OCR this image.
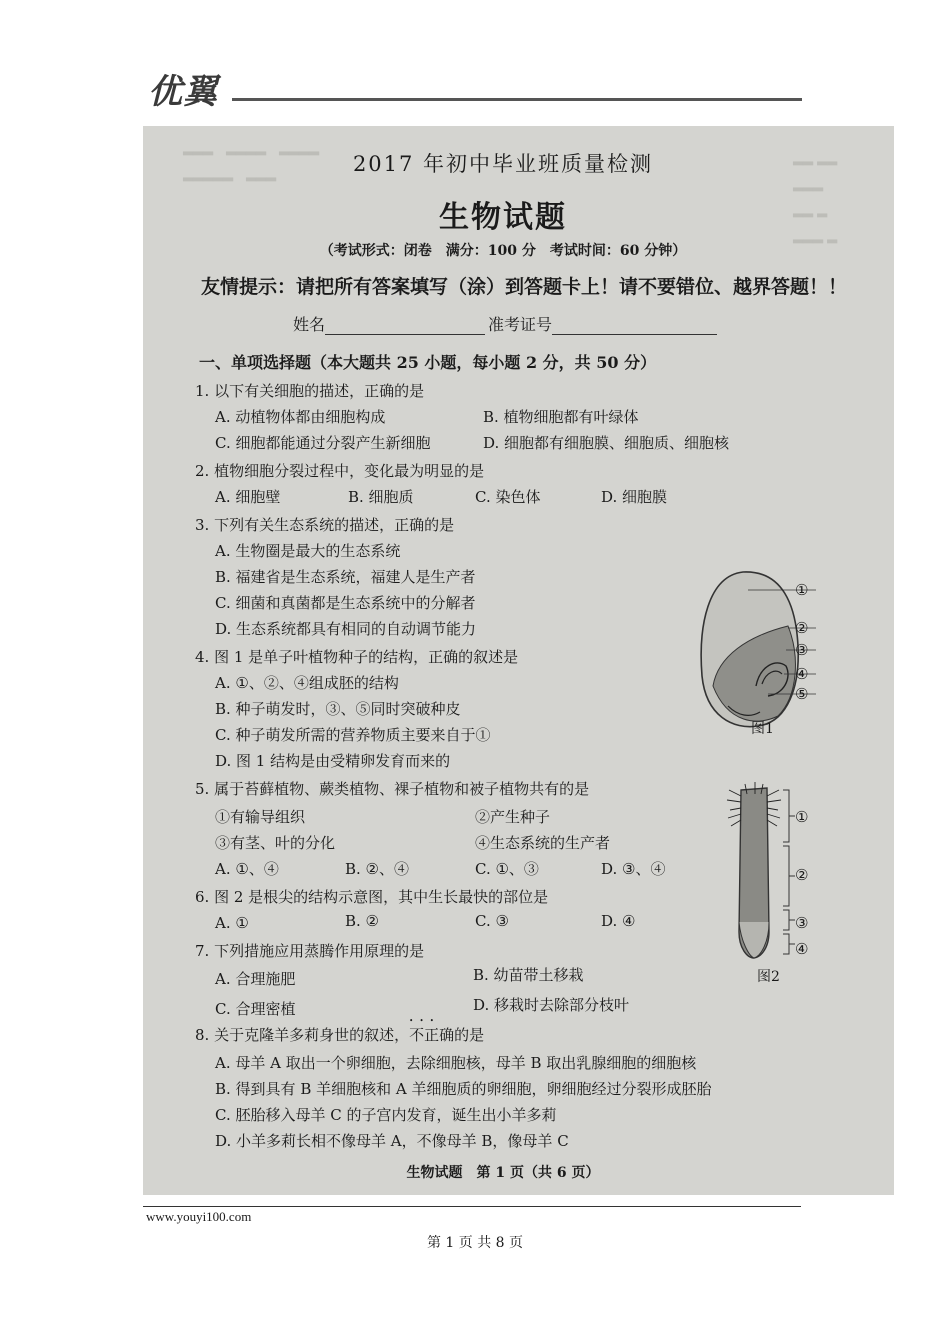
优翼
▂▂ ▂▂
▂▂▂
▂▂ ▂
▂▂▂ ▂
▂▂▂　▂▂▂▂　▂▂▂▂
▂▂▂▂▂　▂▂▂	2017 年初中毕业班质量检测
生物试题
（考试形式：闭卷　满分：100 分　考试时间：60 分钟）
友情提示：请把所有答案填写（涂）到答题卡上！请不要错位、越界答题！！
姓名	准考证号
一、单项选择题（本大题共 25 小题，每小题 2 分，共 50 分）
1. 以下有关细胞的描述，正确的是
A. 动植物体都由细胞构成	B. 植物细胞都有叶绿体
C. 细胞都能通过分裂产生新细胞	D. 细胞都有细胞膜、细胞质、细胞核
2. 植物细胞分裂过程中，变化最为明显的是
A. 细胞壁	B. 细胞质	C. 染色体	D. 细胞膜
3. 下列有关生态系统的描述，正确的是
A. 生物圈是最大的生态系统
B. 福建省是生态系统，福建人是生产者
C. 细菌和真菌都是生态系统中的分解者
D. 生态系统都具有相同的自动调节能力
4. 图 1 是单子叶植物种子的结构，正确的叙述是
A. ①、②、④组成胚的结构
B. 种子萌发时，③、⑤同时突破种皮
C. 种子萌发所需的营养物质主要来自于①
D. 图 1 结构是由受精卵发育而来的
①
②
③
④
⑤
图1
5. 属于苔藓植物、蕨类植物、裸子植物和被子植物共有的是
①有输导组织	②产生种子
③有茎、叶的分化	④生态系统的生产者
A. ①、④	B. ②、④	C. ①、③	D. ③、④
①
②
③
④
图2
6. 图 2 是根尖的结构示意图，其中生长最快的部位是
A. ①	B. ②	C. ③	D. ④
7. 下列措施应用蒸腾作用原理的是
A. 合理施肥	B. 幼苗带土移栽
C. 合理密植	D. 移栽时去除部分枝叶
8. 关于克隆羊多莉身世的叙述，不正确 • • •的是
A. 母羊 A 取出一个卵细胞，去除细胞核，母羊 B 取出乳腺细胞的细胞核
B. 得到具有 B 羊细胞核和 A 羊细胞质的卵细胞，卵细胞经过分裂形成胚胎
C. 胚胎移入母羊 C 的子宫内发育，诞生出小羊多莉
D. 小羊多莉长相不像母羊 A，不像母羊 B，像母羊 C
生物试题　第 1 页（共 6 页）
www.youyi100.com
第 1 页 共 8 页
